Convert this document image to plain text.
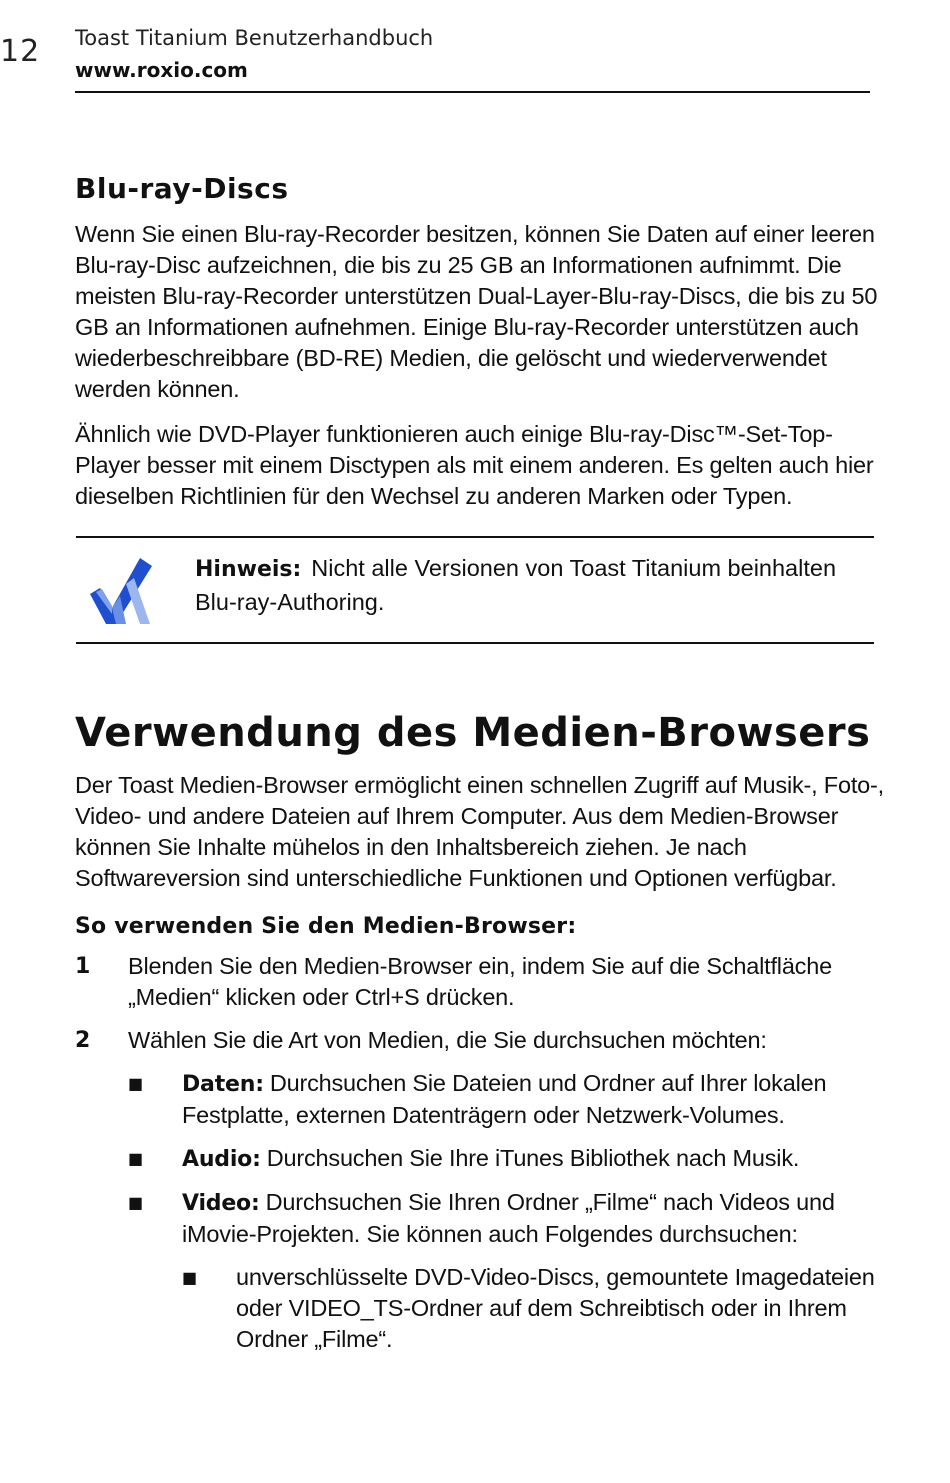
12 Toast Titanium Benutzerhandbuch
www.roxio.com
Blu-ray-Discs

Wenn Sie einen Blu-ray-Recorder besitzen, können Sie Daten auf einer leeren Blu-ray-Disc aufzeichnen, die bis zu 25 GB an Informationen aufnimmt. Die meisten Blu-ray-Recorder unterstützen Dual-Layer-Blu-ray-Discs, die bis zu 50 GB an Informationen aufnehmen. Einige Blu-ray-Recorder unterstützen auch wiederbeschreibbare (BD-RE) Medien, die gelöscht und wiederverwendet werden können.

Ähnlich wie DVD-Player funktionieren auch einige Blu-ray-Disc™-Set-Top-Player besser mit einem Disctypen als mit einem anderen. Es gelten auch hier dieselben Richtlinien für den Wechsel zu anderen Marken oder Typen.

Hinweis: Nicht alle Versionen von Toast Titanium beinhalten Blu-ray-Authoring.
Verwendung des Medien-Browsers

Der Toast Medien-Browser ermöglicht einen schnellen Zugriff auf Musik-, Foto-, Video- und andere Dateien auf Ihrem Computer. Aus dem Medien-Browser können Sie Inhalte mühelos in den Inhaltsbereich ziehen. Je nach Softwareversion sind unterschiedliche Funktionen und Optionen verfügbar.

So verwenden Sie den Medien-Browser:
1	Blenden Sie den Medien-Browser ein, indem Sie auf die Schaltfläche „Medien“ klicken oder Ctrl+S drücken.
2	Wählen Sie die Art von Medien, die Sie durchsuchen möchten:
■	Daten: Durchsuchen Sie Dateien und Ordner auf Ihrer lokalen Festplatte, externen Datenträgern oder Netzwerk-Volumes.
■	Audio: Durchsuchen Sie Ihre iTunes Bibliothek nach Musik.
■	Video: Durchsuchen Sie Ihren Ordner „Filme“ nach Videos und iMovie-Projekten. Sie können auch Folgendes durchsuchen:
■	unverschlüsselte DVD-Video-Discs, gemountete Imagedateien oder VIDEO_TS-Ordner auf dem Schreibtisch oder in Ihrem Ordner „Filme“.
